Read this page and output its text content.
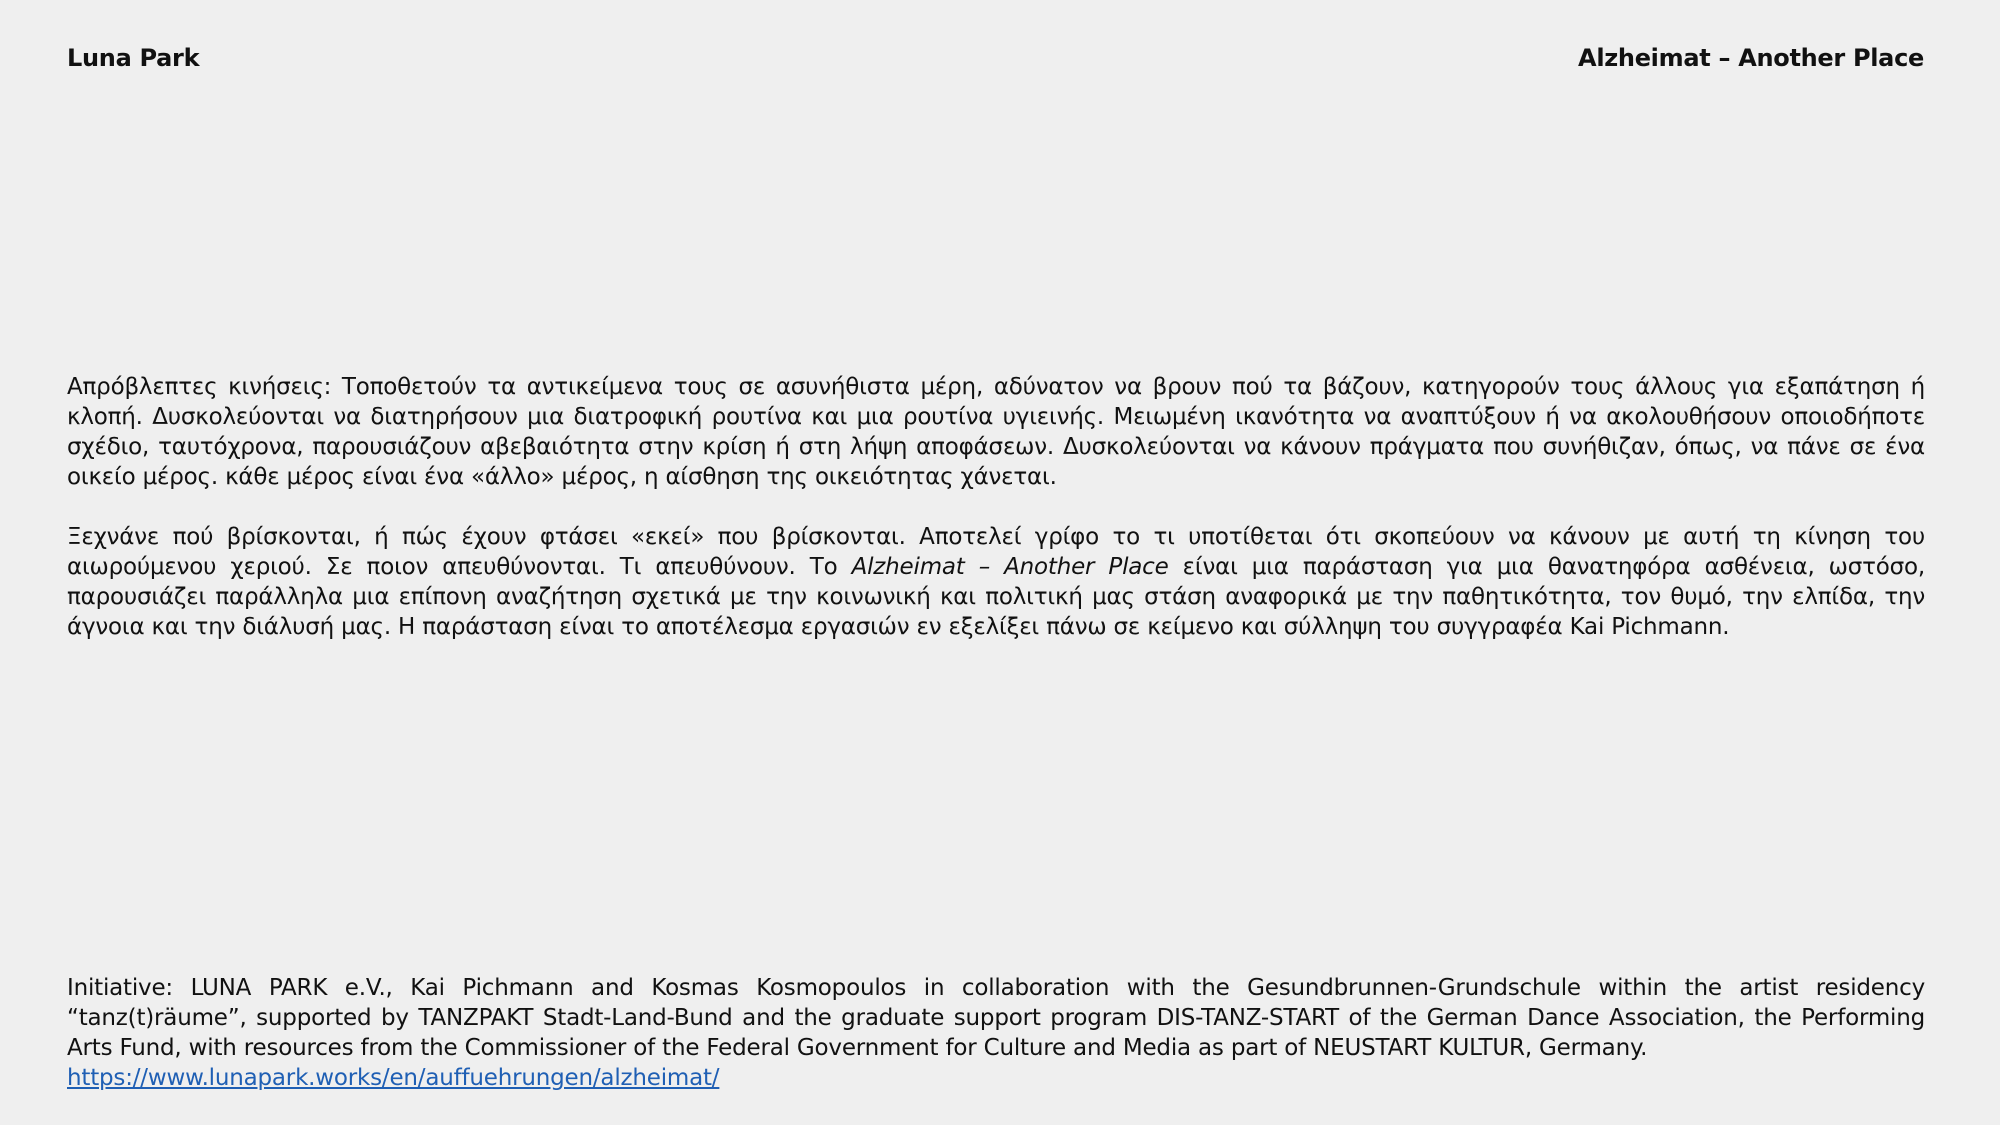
Luna Park	Alzheimat – Another Place

Απρόβλεπτες κινήσεις: Τοποθετούν τα αντικείμενα τους σε ασυνήθιστα μέρη, αδύνατον να βρουν πού τα βάζουν, κατηγορούν τους άλλους για εξαπάτηση ή κλοπή. Δυσκολεύονται να διατηρήσουν μια διατροφική ρουτίνα και μια ρουτίνα υγιεινής. Μειωμένη ικανότητα να αναπτύξουν ή να ακολουθήσουν οποιοδήποτε σχέδιο, ταυτόχρονα, παρουσιάζουν αβεβαιότητα στην κρίση ή στη λήψη αποφάσεων. Δυσκολεύονται να κάνουν πράγματα που συνήθιζαν, όπως, να πάνε σε ένα οικείο μέρος. κάθε μέρος είναι ένα «άλλο» μέρος, η αίσθηση της οικειότητας χάνεται.

Ξεχνάνε πού βρίσκονται, ή πώς έχουν φτάσει «εκεί» που βρίσκονται. Αποτελεί γρίφο το τι υποτίθεται ότι σκοπεύουν να κάνουν με αυτή τη κίνηση του αιωρούμενου χεριού. Σε ποιον απευθύνονται. Τι απευθύνουν. Το Alzheimat – Another Place είναι μια παράσταση για μια θανατηφόρα ασθένεια, ωστόσο, παρουσιάζει παράλληλα μια επίπονη αναζήτηση σχετικά με την κοινωνική και πολιτική μας στάση αναφορικά με την παθητικότητα, τον θυμό, την ελπίδα, την άγνοια και την διάλυσή μας. Η παράσταση είναι το αποτέλεσμα εργασιών εν εξελίξει πάνω σε κείμενο και σύλληψη του συγγραφέα Kai Pichmann.

Initiative: LUNA PARK e.V., Kai Pichmann and Kosmas Kosmopoulos in collaboration with the Gesundbrunnen-Grundschule within the artist residency “tanz(t)räume”, supported by TANZPAKT Stadt-Land-Bund and the graduate support program DIS-TANZ-START of the German Dance Association, the Performing Arts Fund, with resources from the Commissioner of the Federal Government for Culture and Media as part of NEUSTART KULTUR, Germany.

https://www.lunapark.works/en/auffuehrungen/alzheimat/
